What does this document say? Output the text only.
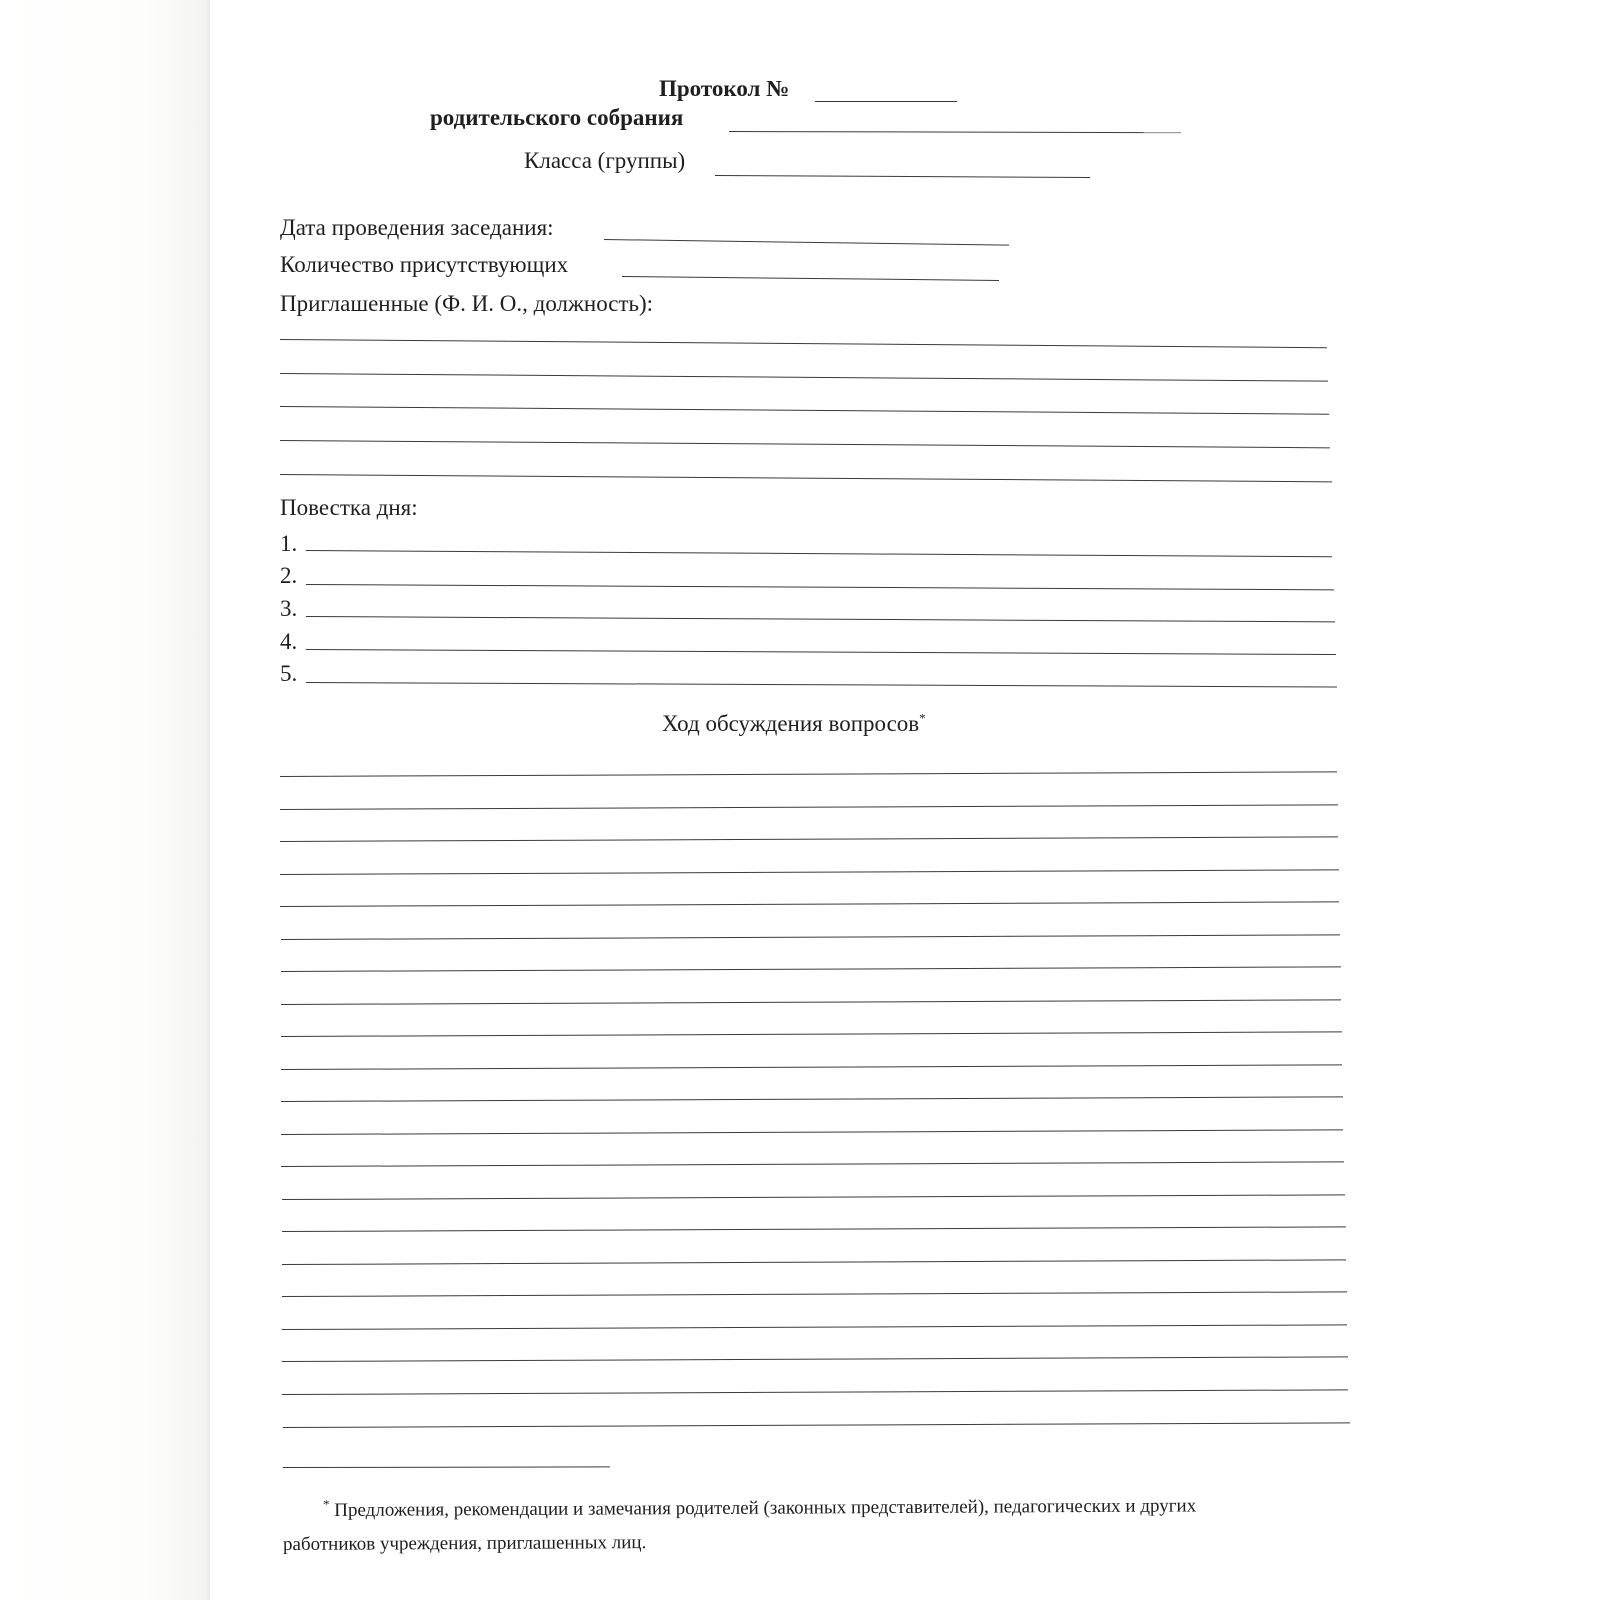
Протокол №
родительского собрания
Класса (группы)
Дата проведения заседания:
Количество присутствующих
Приглашенные (Ф. И. О., должность):
Повестка дня:
1.
2.
3.
4.
5.
Ход обсуждения вопросов*
* Предложения, рекомендации и замечания родителей (законных представителей), педагогических и других
работников учреждения, приглашенных лиц.
